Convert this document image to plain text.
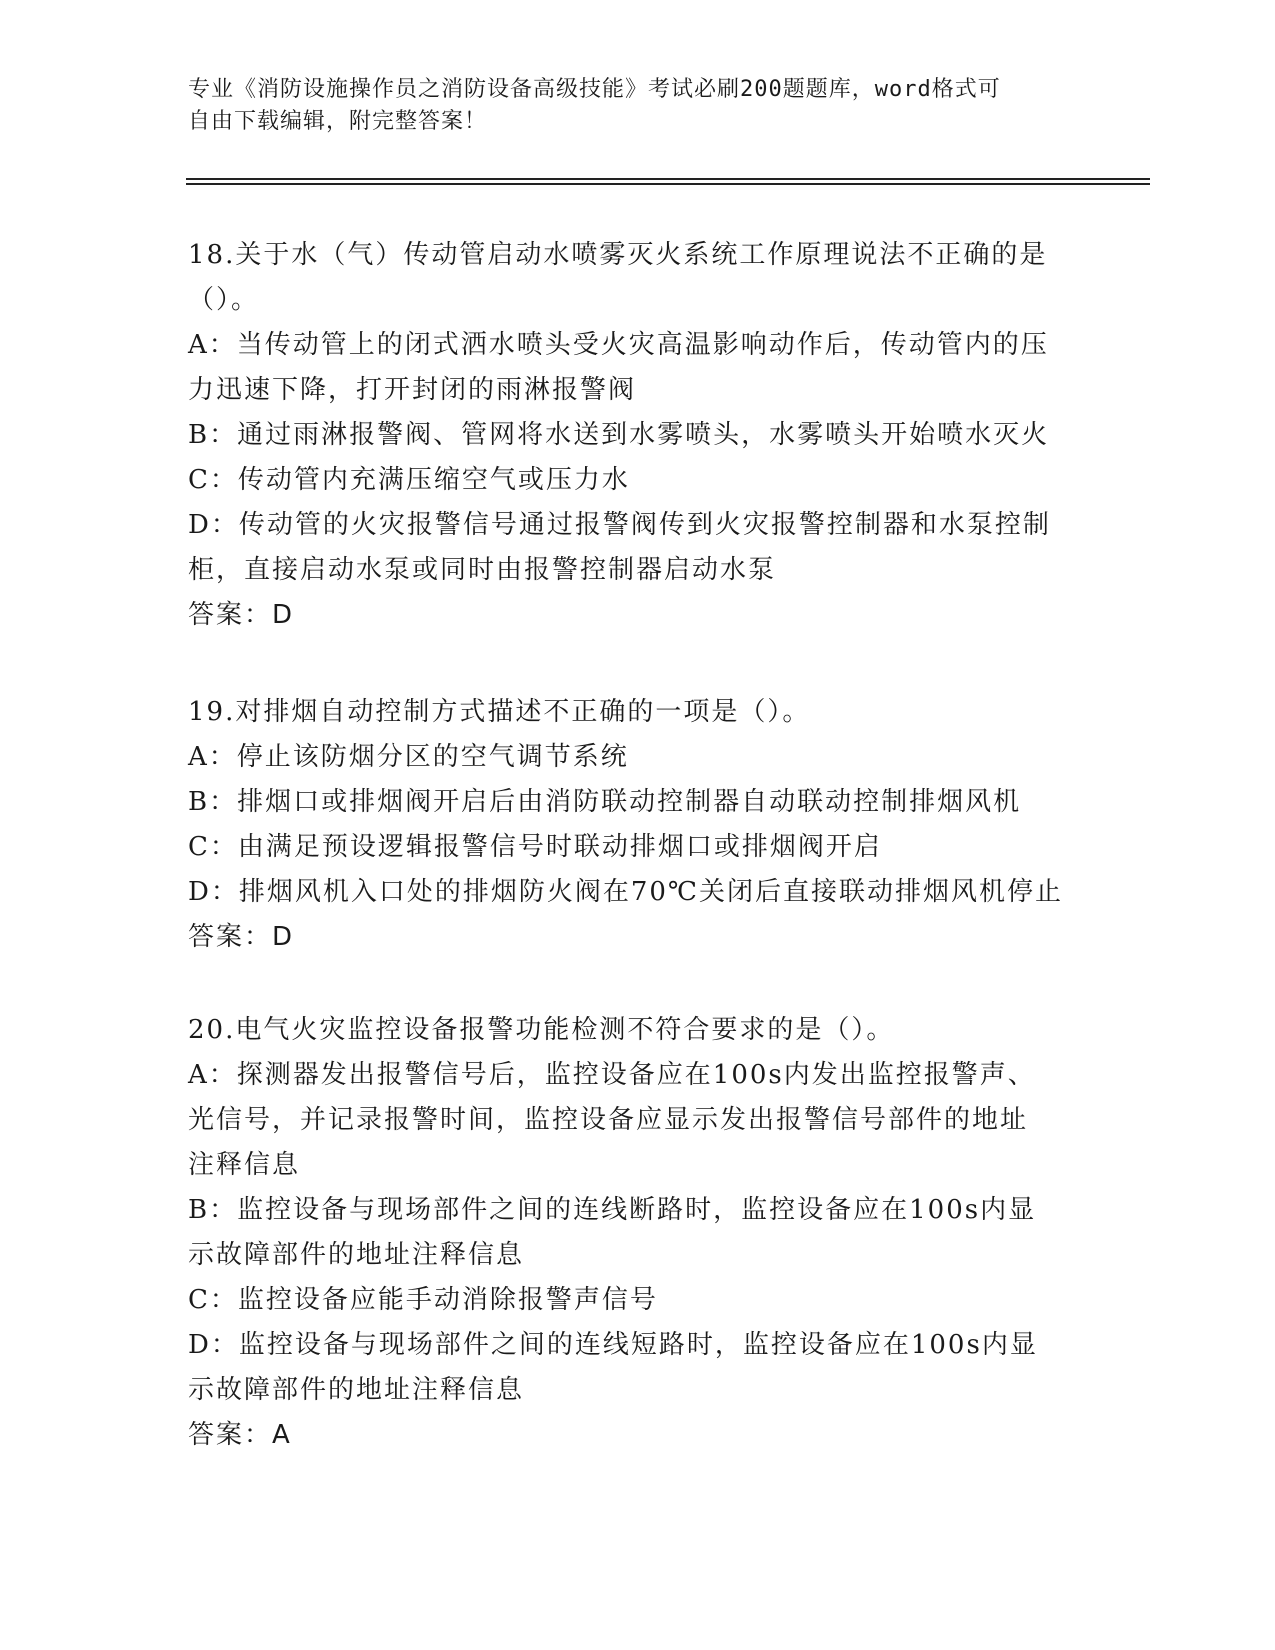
专业《消防设施操作员之消防设备高级技能》考试必刷200题题库，word格式可
自由下载编辑，附完整答案！
18.关于水（气）传动管启动水喷雾灭火系统工作原理说法不正确的是
（）。
A：当传动管上的闭式洒水喷头受火灾高温影响动作后，传动管内的压
力迅速下降，打开封闭的雨淋报警阀
B：通过雨淋报警阀、管网将水送到水雾喷头，水雾喷头开始喷水灭火
C：传动管内充满压缩空气或压力水
D：传动管的火灾报警信号通过报警阀传到火灾报警控制器和水泵控制
柜，直接启动水泵或同时由报警控制器启动水泵
答案：D
19.对排烟自动控制方式描述不正确的一项是（）。
A：停止该防烟分区的空气调节系统
B：排烟口或排烟阀开启后由消防联动控制器自动联动控制排烟风机
C：由满足预设逻辑报警信号时联动排烟口或排烟阀开启
D：排烟风机入口处的排烟防火阀在70℃关闭后直接联动排烟风机停止
答案：D
20.电气火灾监控设备报警功能检测不符合要求的是（）。
A：探测器发出报警信号后，监控设备应在100s内发出监控报警声、
光信号，并记录报警时间，监控设备应显示发出报警信号部件的地址
注释信息
B：监控设备与现场部件之间的连线断路时，监控设备应在100s内显
示故障部件的地址注释信息
C：监控设备应能手动消除报警声信号
D：监控设备与现场部件之间的连线短路时，监控设备应在100s内显
示故障部件的地址注释信息
答案：A
